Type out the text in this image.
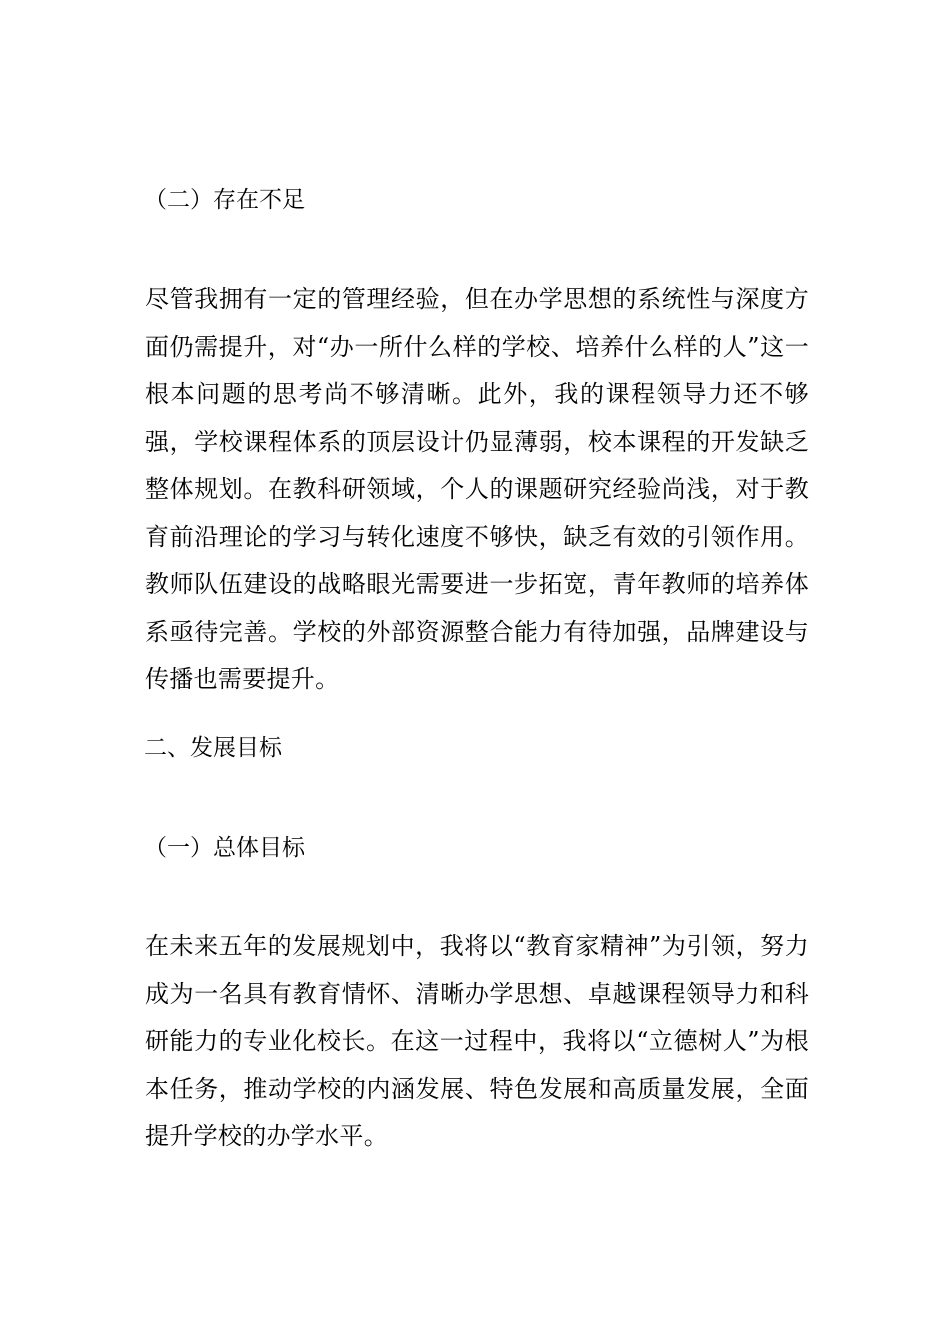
（二）存在不足

尽管我拥有一定的管理经验，但在办学思想的系统性与深度方面仍需提升，对“办一所什么样的学校、培养什么样的人”这一根本问题的思考尚不够清晰。此外，我的课程领导力还不够强，学校课程体系的顶层设计仍显薄弱，校本课程的开发缺乏整体规划。在教科研领域，个人的课题研究经验尚浅，对于教育前沿理论的学习与转化速度不够快，缺乏有效的引领作用。教师队伍建设的战略眼光需要进一步拓宽，青年教师的培养体系亟待完善。学校的外部资源整合能力有待加强，品牌建设与传播也需要提升。

二、发展目标
（一）总体目标

在未来五年的发展规划中，我将以“教育家精神”为引领，努力成为一名具有教育情怀、清晰办学思想、卓越课程领导力和科研能力的专业化校长。在这一过程中，我将以“立德树人”为根本任务，推动学校的内涵发展、特色发展和高质量发展，全面提升学校的办学水平。
